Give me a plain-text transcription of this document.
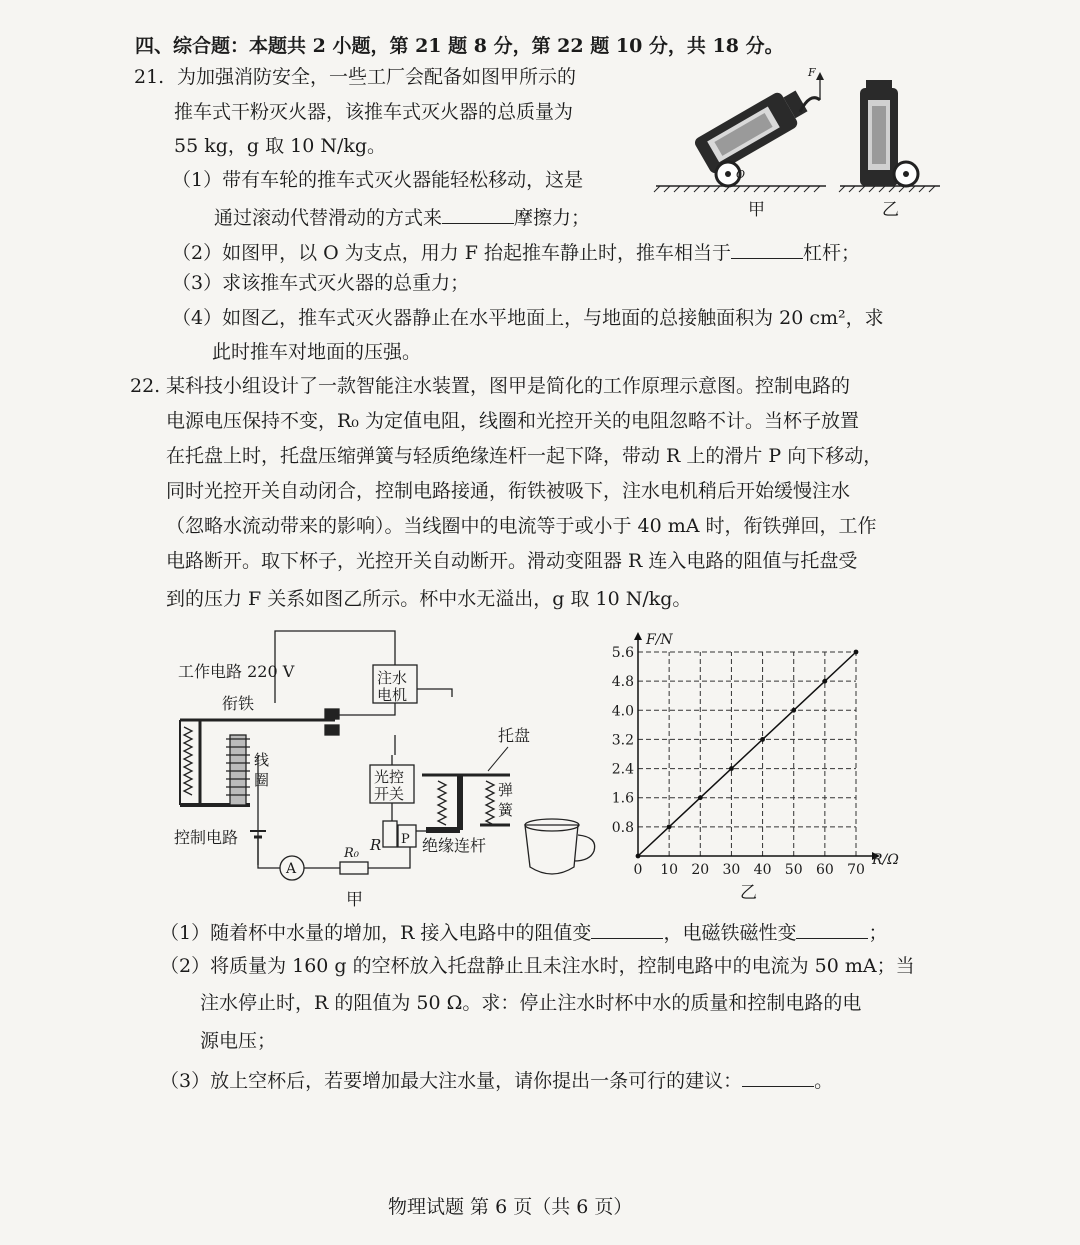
四、综合题：本题共 2 小题，第 21 题 8 分，第 22 题 10 分，共 18 分。
21. 为加强消防安全，一些工厂会配备如图甲所示的
推车式干粉灭火器，该推车式灭火器的总质量为
55 kg，g 取 10 N/kg。
（1）带有车轮的推车式灭火器能轻松移动，这是
通过滚动代替滑动的方式来	摩擦力；
（2）如图甲，以 O 为支点，用力 F 抬起推车静止时，推车相当于	杠杆；
（3）求该推车式灭火器的总重力；
（4）如图乙，推车式灭火器静止在水平地面上，与地面的总接触面积为 20 cm²，求
此时推车对地面的压强。
F
O
甲	乙
22. 某科技小组设计了一款智能注水装置，图甲是简化的工作原理示意图。控制电路的
电源电压保持不变，R₀ 为定值电阻，线圈和光控开关的电阻忽略不计。当杯子放置
在托盘上时，托盘压缩弹簧与轻质绝缘连杆一起下降，带动 R 上的滑片 P 向下移动，
同时光控开关自动闭合，控制电路接通，衔铁被吸下，注水电机稍后开始缓慢注水
（忽略水流动带来的影响）。当线圈中的电流等于或小于 40 mA 时，衔铁弹回，工作
电路断开。取下杯子，光控开关自动断开。滑动变阻器 R 连入电路的阻值与托盘受
到的压力 F 关系如图乙所示。杯中水无溢出，g 取 10 N/kg。
工作电路 220 V
衔铁
注水
电机
线
圈	光控
开关
托盘
弹
簧
控制电路
A
R₀ R P 绝缘连杆
甲
0 10 20 30 40 50 60 70
0.8
1.6
2.4
3.2
4.0
4.8
5.6
F/N
R/Ω
乙
（1）随着杯中水量的增加，R 接入电路中的阻值变	，电磁铁磁性变	；
（2）将质量为 160 g 的空杯放入托盘静止且未注水时，控制电路中的电流为 50 mA；当
注水停止时，R 的阻值为 50 Ω。求：停止注水时杯中水的质量和控制电路的电
源电压；
（3）放上空杯后，若要增加最大注水量，请你提出一条可行的建议：	。
物理试题 第 6 页（共 6 页）
